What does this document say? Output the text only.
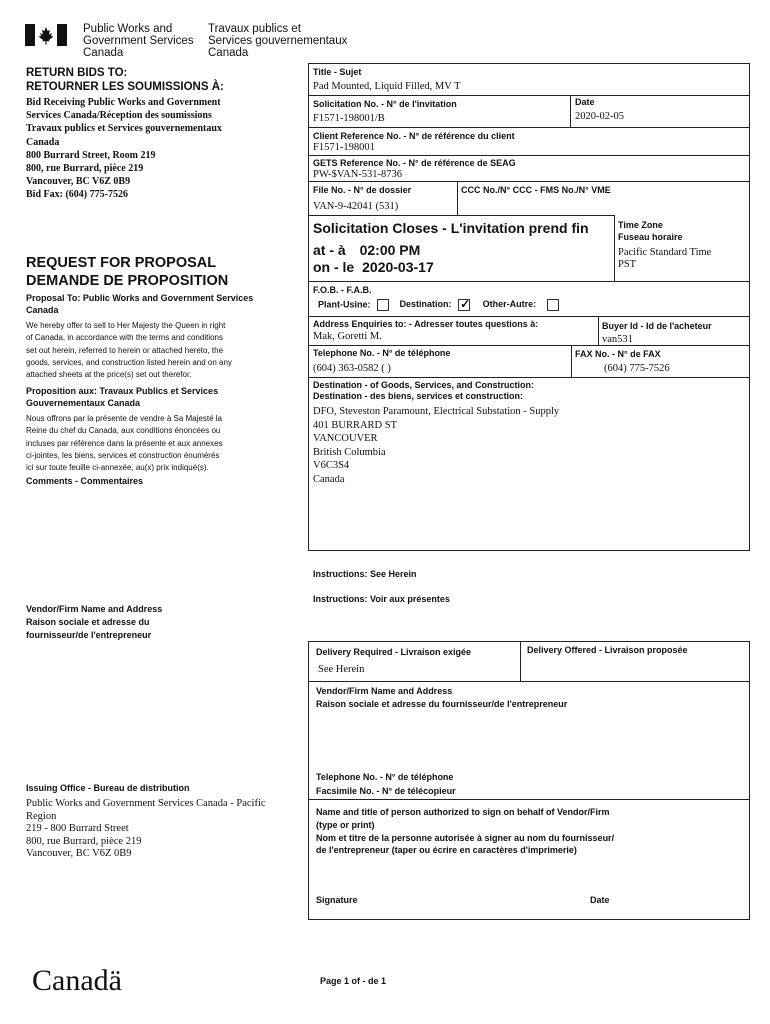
Public Works and
Government Services
Canada
Travaux publics et
Services gouvernementaux
Canada
RETURN BIDS TO:
RETOURNER LES SOUMISSIONS À:
Bid Receiving Public Works and Government
Services Canada/Réception des soumissions
Travaux publics et Services gouvernementaux
Canada
800 Burrard Street, Room 219
800, rue Burrard, pièce 219
Vancouver, BC V6Z 0B9
Bid Fax: (604) 775-7526
REQUEST FOR PROPOSAL
DEMANDE DE PROPOSITION
Proposal To: Public Works and Government Services Canada
We hereby offer to sell to Her Majesty the Queen in right
of Canada, in accordance with the terms and conditions
set out herein, referred to herein or attached hereto, the
goods, services, and construction listed herein and on any
attached sheets at the price(s) set out therefor.
Proposition aux: Travaux Publics et Services Gouvernementaux Canada
Nous offrons par la présente de vendre à Sa Majesté la
Reine du chef du Canada, aux conditions énoncées ou
incluses par référence dans la présente et aux annexes
ci-jointes, les biens, services et construction énumérés
ici sur toute feuille ci-annexée, au(x) prix indiqué(s).
Comments - Commentaires
Vendor/Firm Name and Address
Raison sociale et adresse du
fournisseur/de l'entrepreneur
Issuing Office - Bureau de distribution
Public Works and Government Services Canada - Pacific
Region
219 - 800 Burrard Street
800, rue Burrard, pièce 219
Vancouver, BC V6Z 0B9
Title - Sujet
Pad Mounted, Liquid Filled, MV T
Solicitation No. - N° de l'invitation
F1571-198001/B
Date
2020-02-05
Client Reference No. - N° de référence du client
F1571-198001
GETS Reference No. - N° de référence de SEAG
PW-$VAN-531-8736
File No. - N° de dossier
VAN-9-42041 (531)
CCC No./N° CCC - FMS No./N° VME
Solicitation Closes - L'invitation prend fin
at - à 02:00 PM
on - le 2020-03-17
Time Zone
Fuseau horaire
Pacific Standard Time
PST
F.O.B. - F.A.B.
Plant-Usine:	Destination: ✓ Other-Autre:
Address Enquiries to: - Adresser toutes questions à:
Mak, Goretti M.
Buyer Id - Id de l'acheteur
van531
Telephone No. - N° de téléphone
(604) 363-0582 ( )
FAX No. - N° de FAX
(604) 775-7526
Destination - of Goods, Services, and Construction:
Destination - des biens, services et construction:
DFO, Steveston Paramount, Electrical Substation - Supply
401 BURRARD ST
VANCOUVER
British Columbia
V6C3S4
Canada
Instructions: See Herein
Instructions: Voir aux présentes
Delivery Required - Livraison exigée
See Herein
Delivery Offered - Livraison proposée
Vendor/Firm Name and Address
Raison sociale et adresse du fournisseur/de l'entrepreneur
Telephone No. - N° de téléphone
Facsimile No. - N° de télécopieur
Name and title of person authorized to sign on behalf of Vendor/Firm
(type or print)
Nom et titre de la personne autorisée à signer au nom du fournisseur/
de l'entrepreneur (taper ou écrire en caractères d'imprimerie)
Signature	Date
Canadä	Page 1 of - de 1
